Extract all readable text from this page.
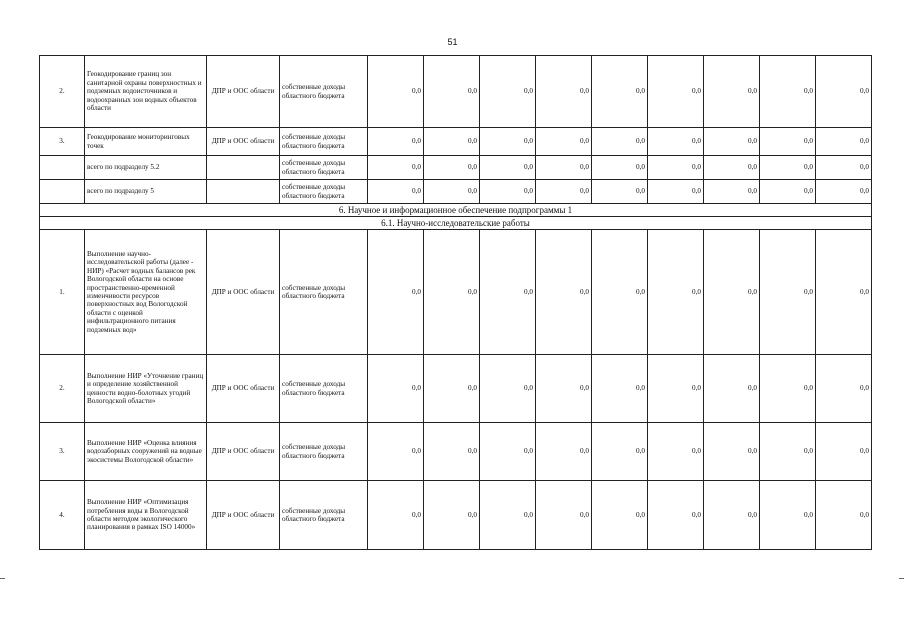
51
2.	Геокодирование границ зон санитарной охраны поверхностных и подземных водоисточников и водоохранных зон водных объектов области	ДПР и ООС области	собственные доходы областного бюджета	0,0	0,0	0,0	0,0	0,0	0,0	0,0	0,0	0,0
3.	Геокодирование мониторинговых точек	ДПР и ООС области	собственные доходы областного бюджета	0,0	0,0	0,0	0,0	0,0	0,0	0,0	0,0	0,0
	всего по подразделу 5.2		собственные доходы областного бюджета	0,0	0,0	0,0	0,0	0,0	0,0	0,0	0,0	0,0
	всего по подразделу 5		собственные доходы областного бюджета	0,0	0,0	0,0	0,0	0,0	0,0	0,0	0,0	0,0
6. Научное и информационное обеспечение подпрограммы 1												
6.1. Научно-исследовательские работы												
1.	Выполнение научно-исследовательской работы (далее - НИР) «Расчет водных балансов рек Вологодской области на основе пространственно-временной изменчивости ресурсов поверхностных вод Вологодской области с оценкой инфильтрационного питания подземных вод»	ДПР и ООС области	собственные доходы областного бюджета	0,0	0,0	0,0	0,0	0,0	0,0	0,0	0,0	0,0
2.	Выполнение НИР «Уточнение границ и определение хозяйственной ценности водно-болотных угодий Вологодской области»	ДПР и ООС области	собственные доходы областного бюджета	0,0	0,0	0,0	0,0	0,0	0,0	0,0	0,0	0,0
3.	Выполнение НИР «Оценка влияния водозаборных сооружений на водные экосистемы Вологодской области»	ДПР и ООС области	собственные доходы областного бюджета	0,0	0,0	0,0	0,0	0,0	0,0	0,0	0,0	0,0
4.	Выполнение НИР «Оптимизация потребления воды в Вологодской области методом экологического планирования в рамках ISO 14000»	ДПР и ООС области	собственные доходы областного бюджета	0,0	0,0	0,0	0,0	0,0	0,0	0,0	0,0	0,0
